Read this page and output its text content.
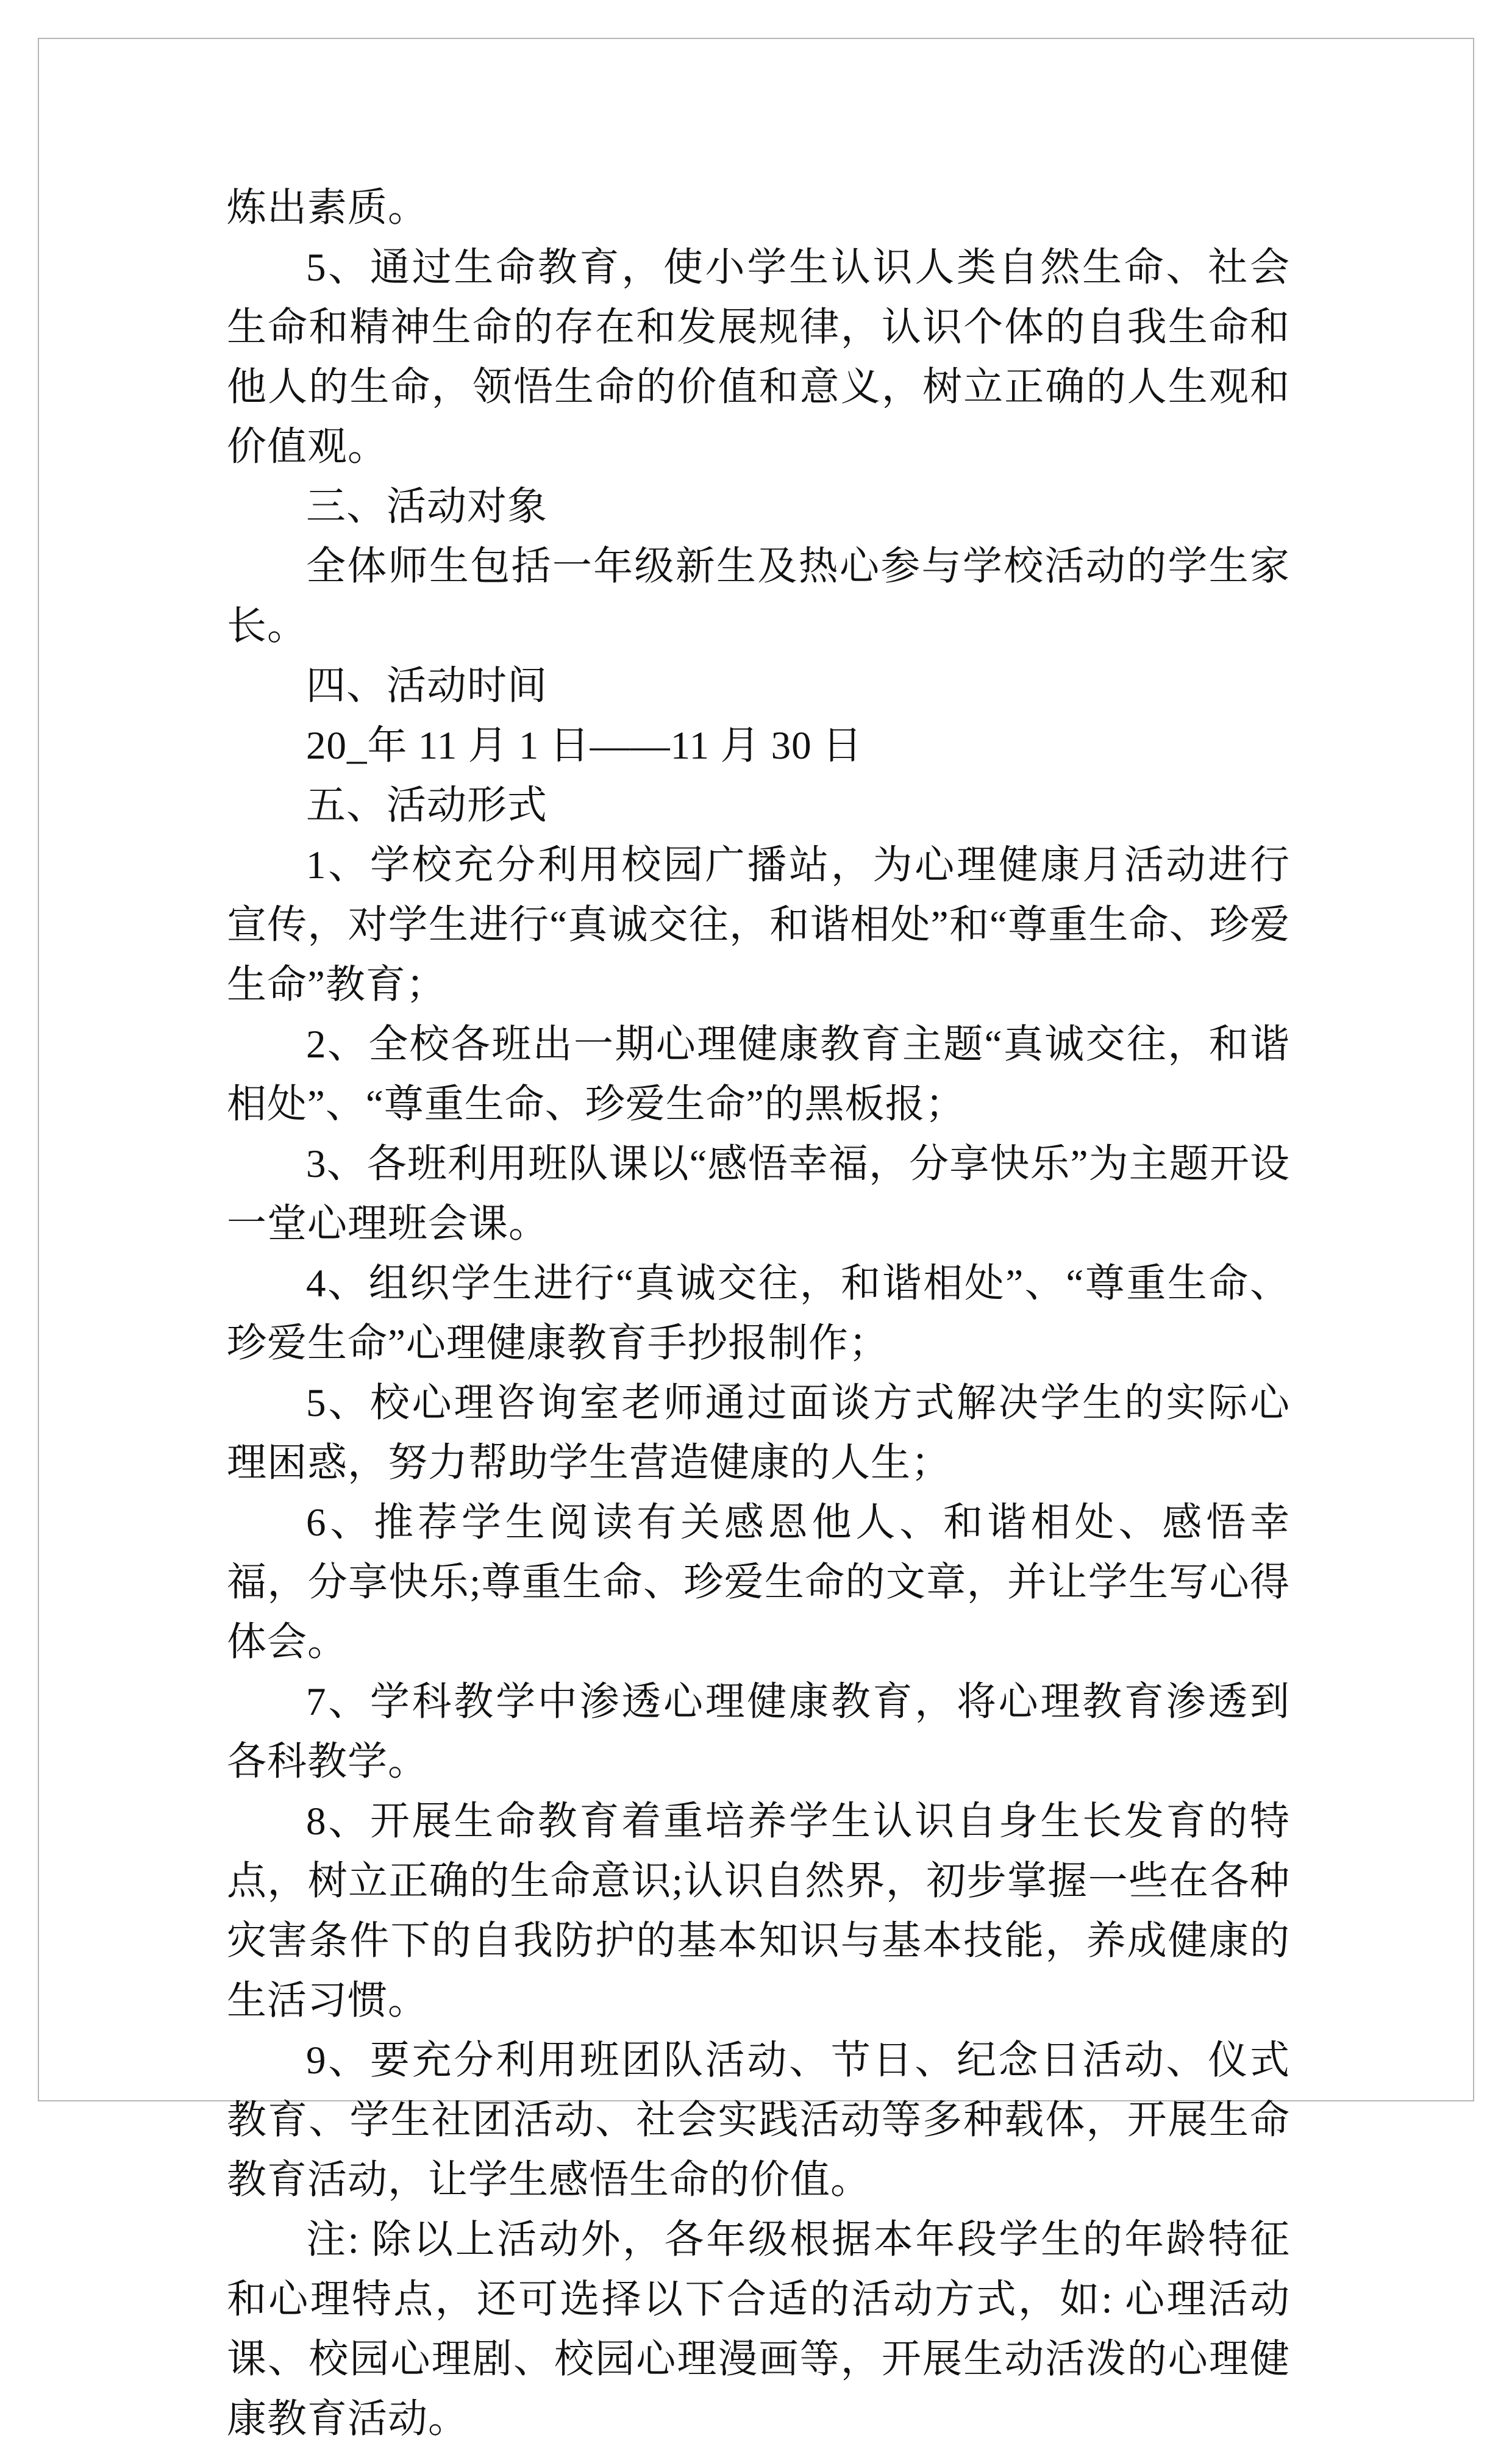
炼出素质。

5、通过生命教育，使小学生认识人类自然生命、社会生命和精神生命的存在和发展规律，认识个体的自我生命和他人的生命，领悟生命的价值和意义，树立正确的人生观和价值观。

三、活动对象

全体师生包括一年级新生及热心参与学校活动的学生家长。

四、活动时间

20_年 11 月 1 日——11 月 30 日

五、活动形式

1、学校充分利用校园广播站，为心理健康月活动进行宣传，对学生进行“真诚交往，和谐相处”和“尊重生命、珍爱生命”教育；

2、全校各班出一期心理健康教育主题“真诚交往，和谐相处”、“尊重生命、珍爱生命”的黑板报；

3、各班利用班队课以“感悟幸福，分享快乐”为主题开设一堂心理班会课。

4、组织学生进行“真诚交往，和谐相处”、“尊重生命、珍爱生命”心理健康教育手抄报制作；

5、校心理咨询室老师通过面谈方式解决学生的实际心理困惑，努力帮助学生营造健康的人生；

6、推荐学生阅读有关感恩他人、和谐相处、感悟幸福，分享快乐;尊重生命、珍爱生命的文章，并让学生写心得体会。

7、学科教学中渗透心理健康教育，将心理教育渗透到各科教学。

8、开展生命教育着重培养学生认识自身生长发育的特点，树立正确的生命意识;认识自然界，初步掌握一些在各种灾害条件下的自我防护的基本知识与基本技能，养成健康的生活习惯。

9、要充分利用班团队活动、节日、纪念日活动、仪式教育、学生社团活动、社会实践活动等多种载体，开展生命教育活动，让学生感悟生命的价值。

注: 除以上活动外，各年级根据本年段学生的年龄特征和心理特点，还可选择以下合适的活动方式，如: 心理活动课、校园心理剧、校园心理漫画等，开展生动活泼的心理健康教育活动。
